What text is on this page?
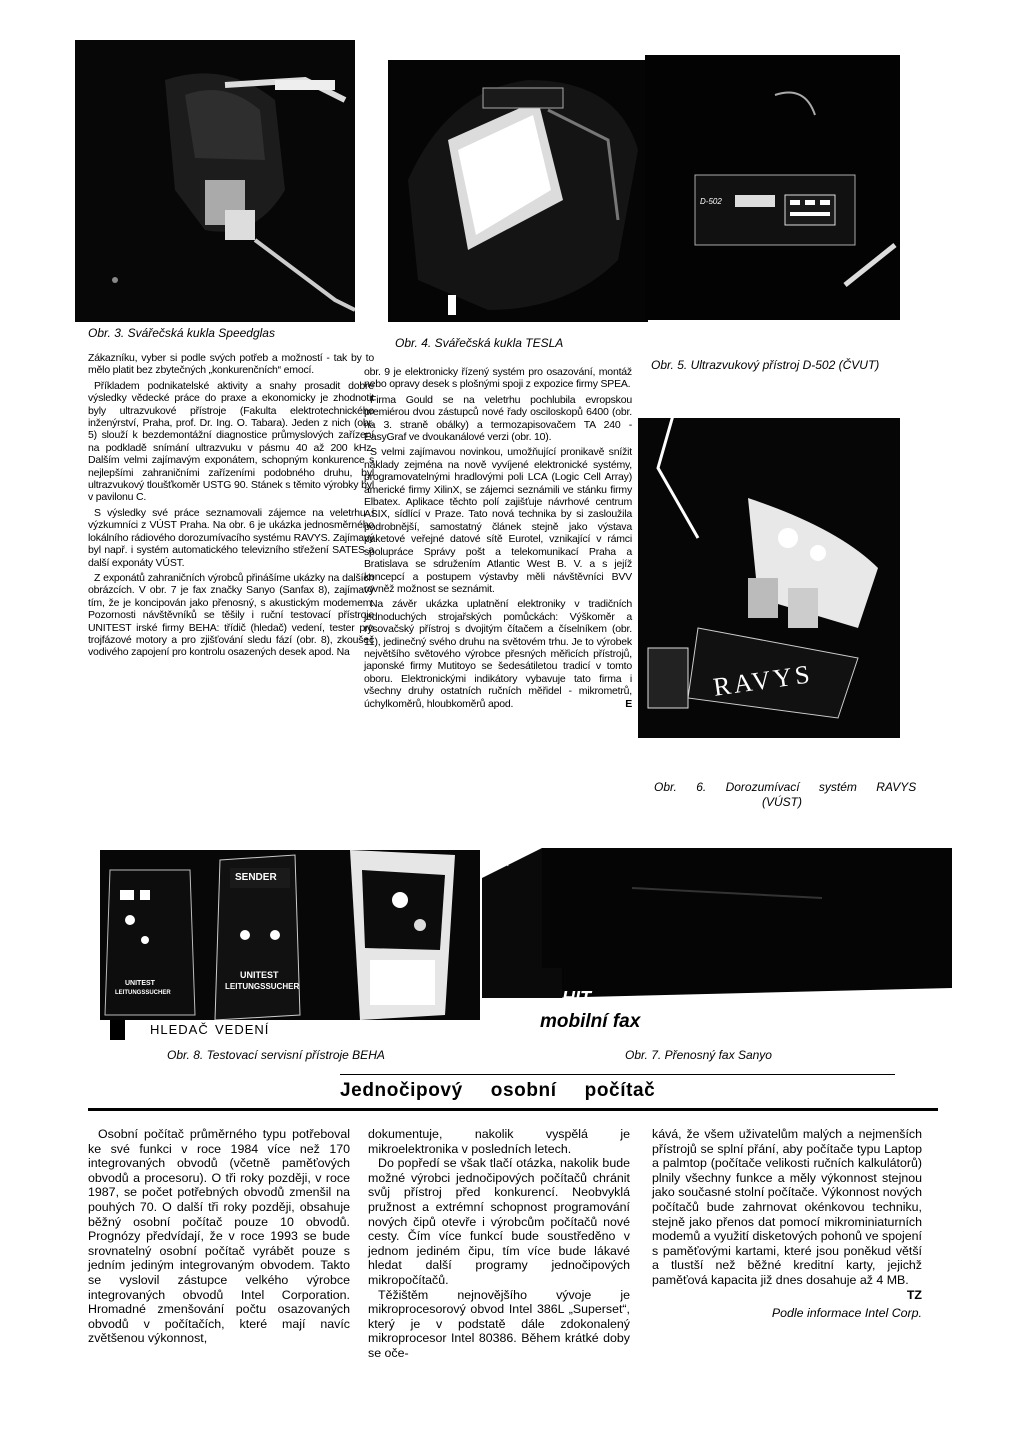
D-502
Obr. 3. Svářečská kukla Speedglas
Obr. 4. Svářečská kukla TESLA
Obr. 5. Ultrazvukový přístroj D-502 (ČVUT)

Zákazníku, vyber si podle svých potřeb a možností - tak by to mělo platit bez zbytečných „konkurenčních“ emocí.

Příkladem podnikatelské aktivity a snahy prosadit dobré výsledky vědecké práce do praxe a ekonomicky je zhodnotit byly ultrazvukové přístroje (Fakulta elektrotechnického inženýrství, Praha, prof. Dr. Ing. O. Tabara). Jeden z nich (obr. 5) slouží k bezdemontážní diagnostice průmyslových zařízení na podkladě snímání ultrazvuku v pásmu 40 až 200 kHz. Dalším velmi zajímavým exponátem, schopným konkurence s nejlepšími zahraničními zařízeními podobného druhu, byl ultrazvukový tloušťkoměr USTG 90. Stánek s těmito výrobky byl v pavilonu C.

S výsledky své práce seznamovali zájemce na veletrhu i výzkumníci z VÚST Praha. Na obr. 6 je ukázka jednosměrného lokálního rádiového dorozumívacího systému RAVYS. Zajímavý byl např. i systém automatického televizního střežení SATES a další exponáty VÚST.

Z exponátů zahraničních výrobců přinášíme ukázky na dalších obrázcích. V obr. 7 je fax značky Sanyo (Sanfax 8), zajímavý tím, že je koncipován jako přenosný, s akustickým modemem. Pozornosti návštěvníků se těšily i ruční testovací přístroje UNITEST irské firmy BEHA: třídič (hledač) vedení, tester pro trojfázové motory a pro zjišťování sledu fází (obr. 8), zkoušeč vodivého zapojení pro kontrolu osazených desek apod. Na

obr. 9 je elektronicky řízený systém pro osazování, montáž nebo opravy desek s plošnými spoji z expozice firmy SPEA.

Firma Gould se na veletrhu pochlubila evropskou premiérou dvou zástupců nové řady osciloskopů 6400 (obr. na 3. straně obálky) a termozapisovačem TA 240 - EasyGraf ve dvoukanálové verzi (obr. 10).

S velmi zajímavou novinkou, umožňující pronikavě snížit náklady zejména na nově vyvíjené elektronické systémy, programovatelnými hradlovými poli LCA (Logic Cell Array) americké firmy XilinX, se zájemci seznámili ve stánku firmy Elbatex. Aplikace těchto polí zajišťuje návrhové centrum ASIX, sídlící v Praze. Tato nová technika by si zasloužila podrobnější, samostatný článek stejně jako výstava paketové veřejné datové sítě Eurotel, vznikající v rámci spolupráce Správy pošt a telekomunikací Praha a Bratislava se sdružením Atlantic West B. V. a s jejíž koncepcí a postupem výstavby měli návštěvníci BVV rovněž možnost se seznámit.

Na závěr ukázka uplatnění elektroniky v tradičních jednoduchých strojařských pomůckách: Výškoměr a rýsovačský přístroj s dvojitým čítačem a číselníkem (obr. 11), jedinečný svého druhu na světovém trhu. Je to výrobek největšího světového výrobce přesných měřicích přístrojů, japonské firmy Mutitoyo se šedesátiletou tradicí v tomto oboru. Elektronickými indikátory vybavuje tato firma i všechny druhy ostatních ručních měřidel - mikrometrů, úchylkoměrů, hloubkoměrů apod.	E
RAVYS
Obr. 6. Dorozumívací systém RAVYS
(VÚST)
SENDER
UNITEST
LEITUNGSSUCHER
UNITEST
LEITUNGSSUCHER
HLEDAČ VEDENÍ
P.700.
HIT
mobilní fax
Obr. 8. Testovací servisní přístroje BEHA	Obr. 7. Přenosný fax Sanyo
Jednočipový osobní počítač

Osobní počítač průměrného typu potřeboval ke své funkci v roce 1984 více než 170 integrovaných obvodů (včetně paměťových obvodů a procesoru). O tři roky později, v roce 1987, se počet potřebných obvodů zmenšil na pouhých 70. O další tři roky později, obsahuje běžný osobní počítač pouze 10 obvodů. Prognózy předvídají, že v roce 1993 se bude srovnatelný osobní počítač vyrábět pouze s jedním jediným integrovaným obvodem. Takto se vyslovil zástupce velkého výrobce integrovaných obvodů Intel Corporation. Hromadné zmenšování počtu osazovaných obvodů v počítačích, které mají navíc zvětšenou výkonnost,

dokumentuje, nakolik vyspělá je mikroelektronika v posledních letech.

Do popředí se však tlačí otázka, nakolik bude možné výrobci jednočipových počítačů chránit svůj přístroj před konkurencí. Neobvyklá pružnost a extrémní schopnost programování nových čipů otevře i výrobcům počítačů nové cesty. Čím více funkcí bude soustředěno v jednom jediném čipu, tím více bude lákavé hledat další programy jednočipových mikropočítačů.

Těžištěm nejnovějšího vývoje je mikroprocesorový obvod Intel 386L „Superset“, který je v podstatě dále zdokonalený mikroprocesor Intel 80386. Během krátké doby se oče-

kává, že všem uživatelům malých a nejmenších přístrojů se splní přání, aby počítače typu Laptop a palmtop (počítače velikosti ručních kalkulátorů) plnily všechny funkce a měly výkonnost stejnou jako současné stolní počítače. Výkonnost nových počítačů bude zahrnovat okénkovou techniku, stejně jako přenos dat pomocí mikrominiaturních modemů a využití disketových pohonů ve spojení s paměťovými kartami, které jsou poněkud větší a tlustší než běžné kreditní karty, jejichž paměťová kapacita již dnes dosahuje až 4 MB.

TZ
Podle informace Intel Corp.
